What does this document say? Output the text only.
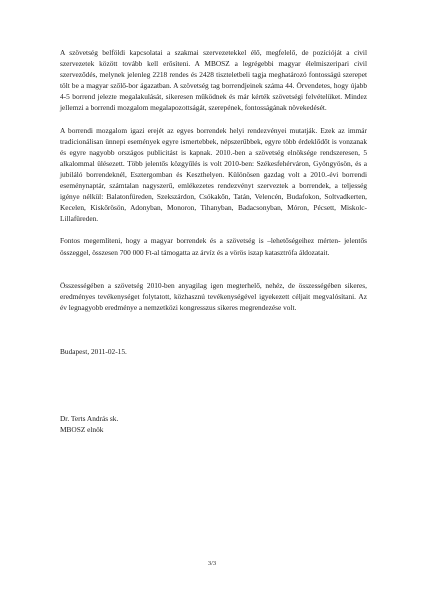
A szövetség belföldi kapcsolatai a szakmai szervezetekkel élő, megfelelő, de pozícióját a civil szervezetek között tovább kell erősíteni. A MBOSZ a legrégebbi magyar élelmiszeripari civil szerveződés, melynek jelenleg 2218 rendes és 2428 tiszteletbeli tagja meghatározó fontosságú szerepet tölt be a magyar szőlő-bor ágazatban. A szövetség tag borrendjeinek száma 44. Örvendetes, hogy újabb 4-5 borrend jelezte megalakulását, sikeresen működnek és már kérték szövetségi felvételüket. Mindez jellemzi a borrendi mozgalom megalapozottságát, szerepének, fontosságának növekedését.

A borrendi mozgalom igazi erejét az egyes borrendek helyi rendezvényei mutatják. Ezek az immár tradicionálisan ünnepi események egyre ismertebbek, népszerűbbek, egyre több érdeklődőt is vonzanak és egyre nagyobb országos publicitást is kapnak. 2010.-ben a szövetség elnöksége rendszeresen, 5 alkalommal ülésezett. Több jelentős közgyűlés is volt 2010-ben: Székesfehérváron, Gyöngyösön, és a jubiláló borrendeknél, Esztergomban és Keszthelyen. Különösen gazdag volt a 2010.-évi borrendi eseménynaptár, számtalan nagyszerű, emlékezetes rendezvényt szerveztek a borrendek, a teljesség igénye nélkül: Balatonfüreden, Szekszárdon, Csókakőn, Tatán, Velencén, Budafokon, Soltvadkerten, Kecelen, Kiskőrösön, Adonyban, Monoron, Tihanyban, Badacsonyban, Móron, Pécsett, Miskolc-Lillafüreden.

Fontos megemlíteni, hogy a magyar borrendek és a szövetség is –lehetőségeihez mérten- jelentős összeggel, összesen 700 000 Ft-al támogatta az árvíz és a vörös iszap katasztrófa áldozatait.

Összességében a szövetség 2010-ben anyagilag igen megterhelő, nehéz, de összességében sikeres, eredményes tevékenységet folytatott, közhasznú tevékenységével igyekezett céljait megvalósítani. Az év legnagyobb eredménye a nemzetközi kongresszus sikeres megrendezése volt.

Budapest, 2011-02-15.

Dr. Terts András sk.
MBOSZ elnök

3/3
